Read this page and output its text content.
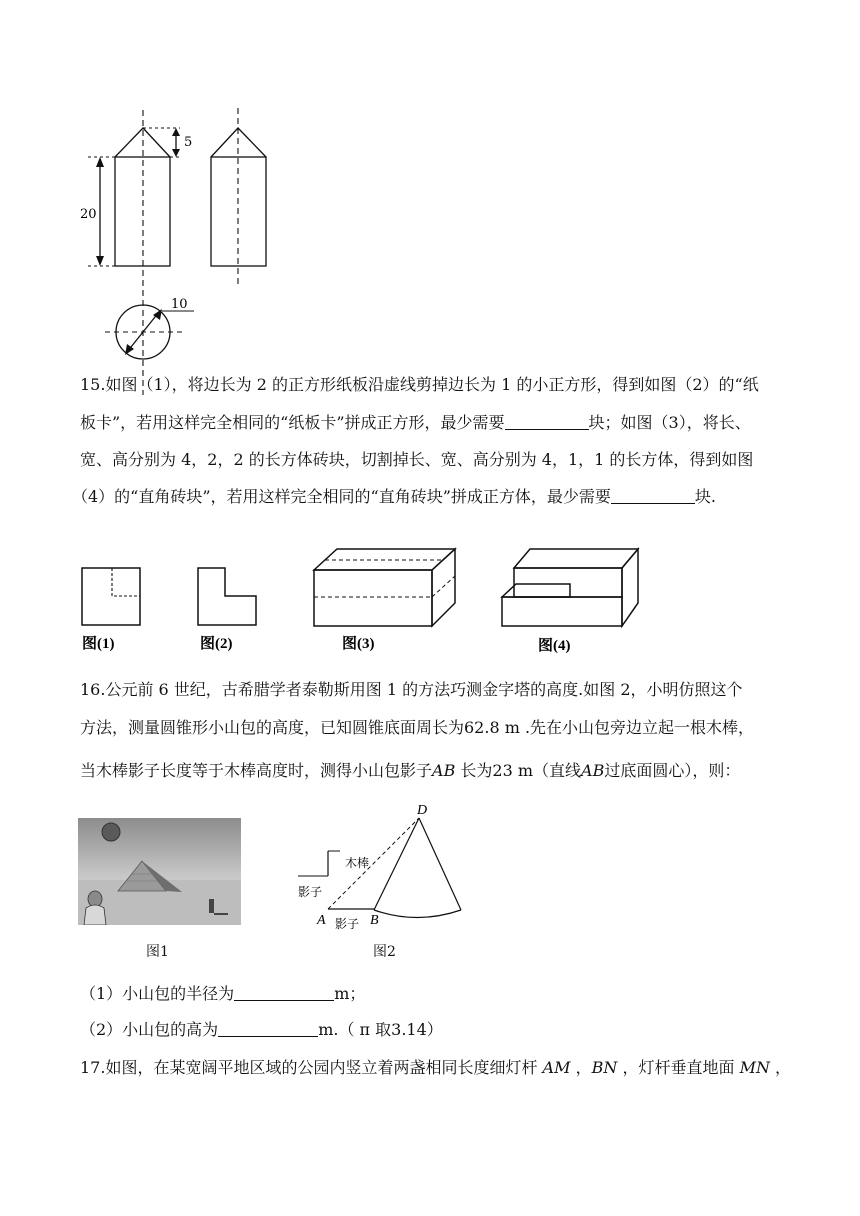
20
5
10
15.如图（1），将边长为 2 的正方形纸板沿虚线剪掉边长为 1 的小正方形，得到如图（2）的“纸
板卡”，若用这样完全相同的“纸板卡”拼成正方形，最少需要	块；如图（3），将长、
宽、高分别为 4，2，2 的长方体砖块，切割掉长、宽、高分别为 4，1，1 的长方体，得到如图
（4）的“直角砖块”，若用这样完全相同的“直角砖块”拼成正方体，最少需要	块.
图(1)	图(2)	图(3)	图(4)
16.公元前 6 世纪，古希腊学者泰勒斯用图 1 的方法巧测金字塔的高度.如图 2，小明仿照这个
方法，测量圆锥形小山包的高度，已知圆锥底面周长为62.8 m .先在小山包旁边立起一根木棒，
当木棒影子长度等于木棒高度时，测得小山包影子AB 长为23 m（直线AB过底面圆心），则：
图1
D
A	B
木棒
影子
影子
图2
（1）小山包的半径为	m；
（2）小山包的高为	m.（ π 取3.14）
17.如图，在某宽阔平地区域的公园内竖立着两盏相同长度细灯杆 AM ，BN ，灯杆垂直地面 MN ，
